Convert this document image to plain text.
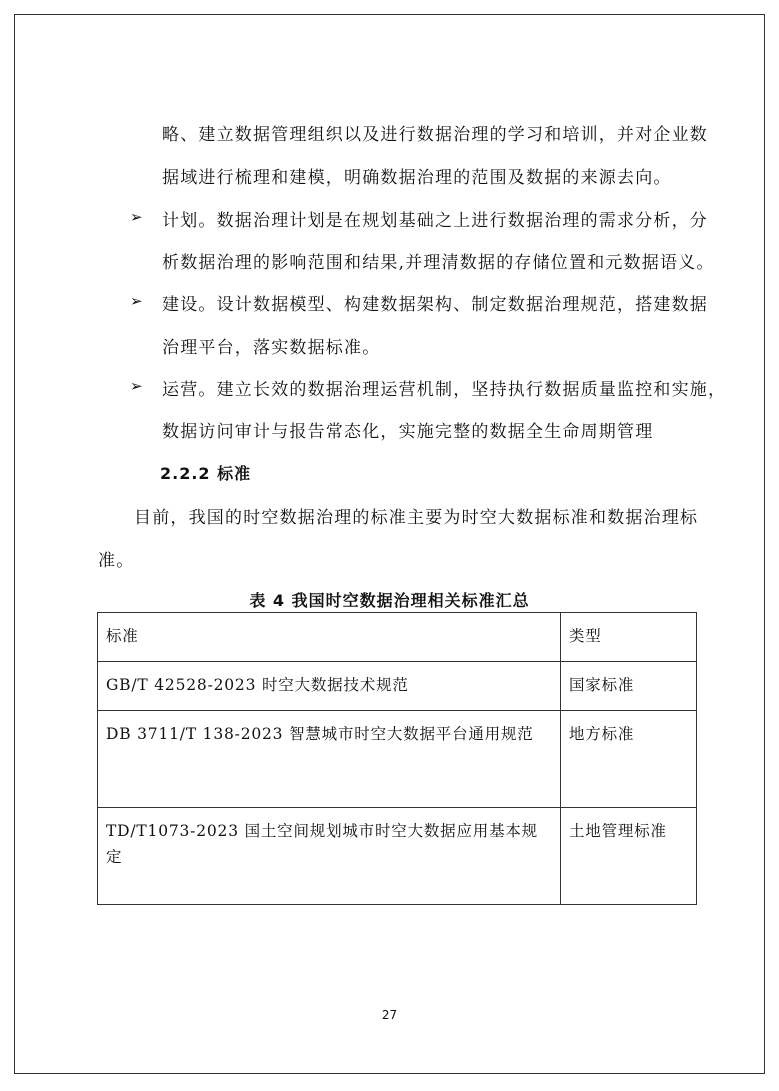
略、建立数据管理组织以及进行数据治理的学习和培训，并对企业数
据域进行梳理和建模，明确数据治理的范围及数据的来源去向。
➢ 计划。数据治理计划是在规划基础之上进行数据治理的需求分析，分
析数据治理的影响范围和结果,并理清数据的存储位置和元数据语义。
➢ 建设。设计数据模型、构建数据架构、制定数据治理规范，搭建数据
治理平台，落实数据标准。
➢ 运营。建立长效的数据治理运营机制，坚持执行数据质量监控和实施，
数据访问审计与报告常态化，实施完整的数据全生命周期管理
2.2.2 标准
目前，我国的时空数据治理的标准主要为时空大数据标准和数据治理标
准。
表 4 我国时空数据治理相关标准汇总
标准	类型
GB/T 42528-2023 时空大数据技术规范	国家标准
DB 3711/T 138-2023 智慧城市时空大数据平台通用规范	地方标准
TD/T1073-2023 国土空间规划城市时空大数据应用基本规定	土地管理标准
27
